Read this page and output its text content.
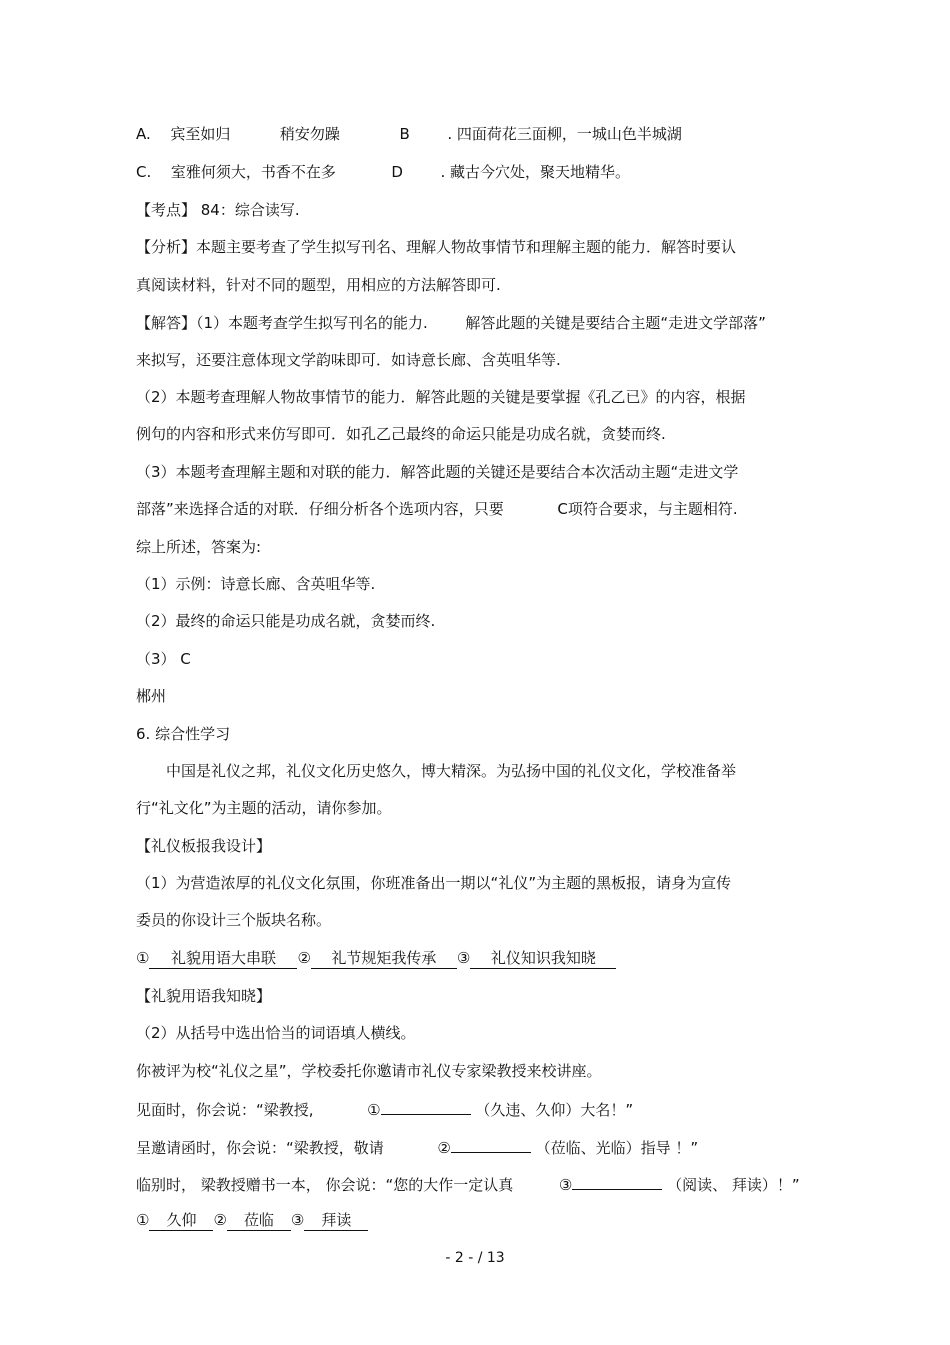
A. 宾至如归	稍安勿躁	B	. 四面荷花三面柳，一城山色半城湖
C. 室雅何须大，书香不在多	D	. 藏古今穴处，聚天地精华。
【考点】 84：综合读写.
【分析】本题主要考查了学生拟写刊名、理解人物故事情节和理解主题的能力．解答时要认
真阅读材料，针对不同的题型，用相应的方法解答即可.
【解答】（1）本题考查学生拟写刊名的能力.	解答此题的关键是要结合主题“走进文学部落”
来拟写，还要注意体现文学韵味即可．如诗意长廊、含英咀华等.
（2）本题考查理解人物故事情节的能力．解答此题的关键是要掌握《孔乙已》的内容，根据
例句的内容和形式来仿写即可．如孔乙己最终的命运只能是功成名就，贪婪而终.
（3）本题考查理解主题和对联的能力．解答此题的关键还是要结合本次活动主题“走进文学
部落”来选择合适的对联．仔细分析各个选项内容，只要	C项符合要求，与主题相符.
综上所述，答案为:
（1）示例：诗意长廊、含英咀华等.
（2）最终的命运只能是功成名就，贪婪而终.
（3） C
郴州
6. 综合性学习
中国是礼仪之邦，礼仪文化历史悠久，博大精深。为弘扬中国的礼仪文化，学校准备举
行“礼文化”为主题的活动，请你参加。
【礼仪板报我设计】
（1）为营造浓厚的礼仪文化氛围，你班准备出一期以“礼仪”为主题的黑板报，请身为宣传
委员的你设计三个版块名称。
① 礼貌用语大串联 ② 礼节规矩我传承 ③ 礼仪知识我知晓
【礼貌用语我知晓】
（2）从括号中选出恰当的词语填人横线。
你被评为校“礼仪之星”，学校委托你邀请市礼仪专家梁教授来校讲座。
见面时，你会说：“梁教授,	①	（久违、久仰）大名！”
呈邀请函时，你会说：“梁教授，敬请	②	（莅临、光临）指导 ！”
临别时， 梁教授赠书一本， 你会说：“您的大作一定认真	③	（阅读、 拜读）！”
① 久仰 ② 莅临 ③ 拜读
- 2 - / 13
